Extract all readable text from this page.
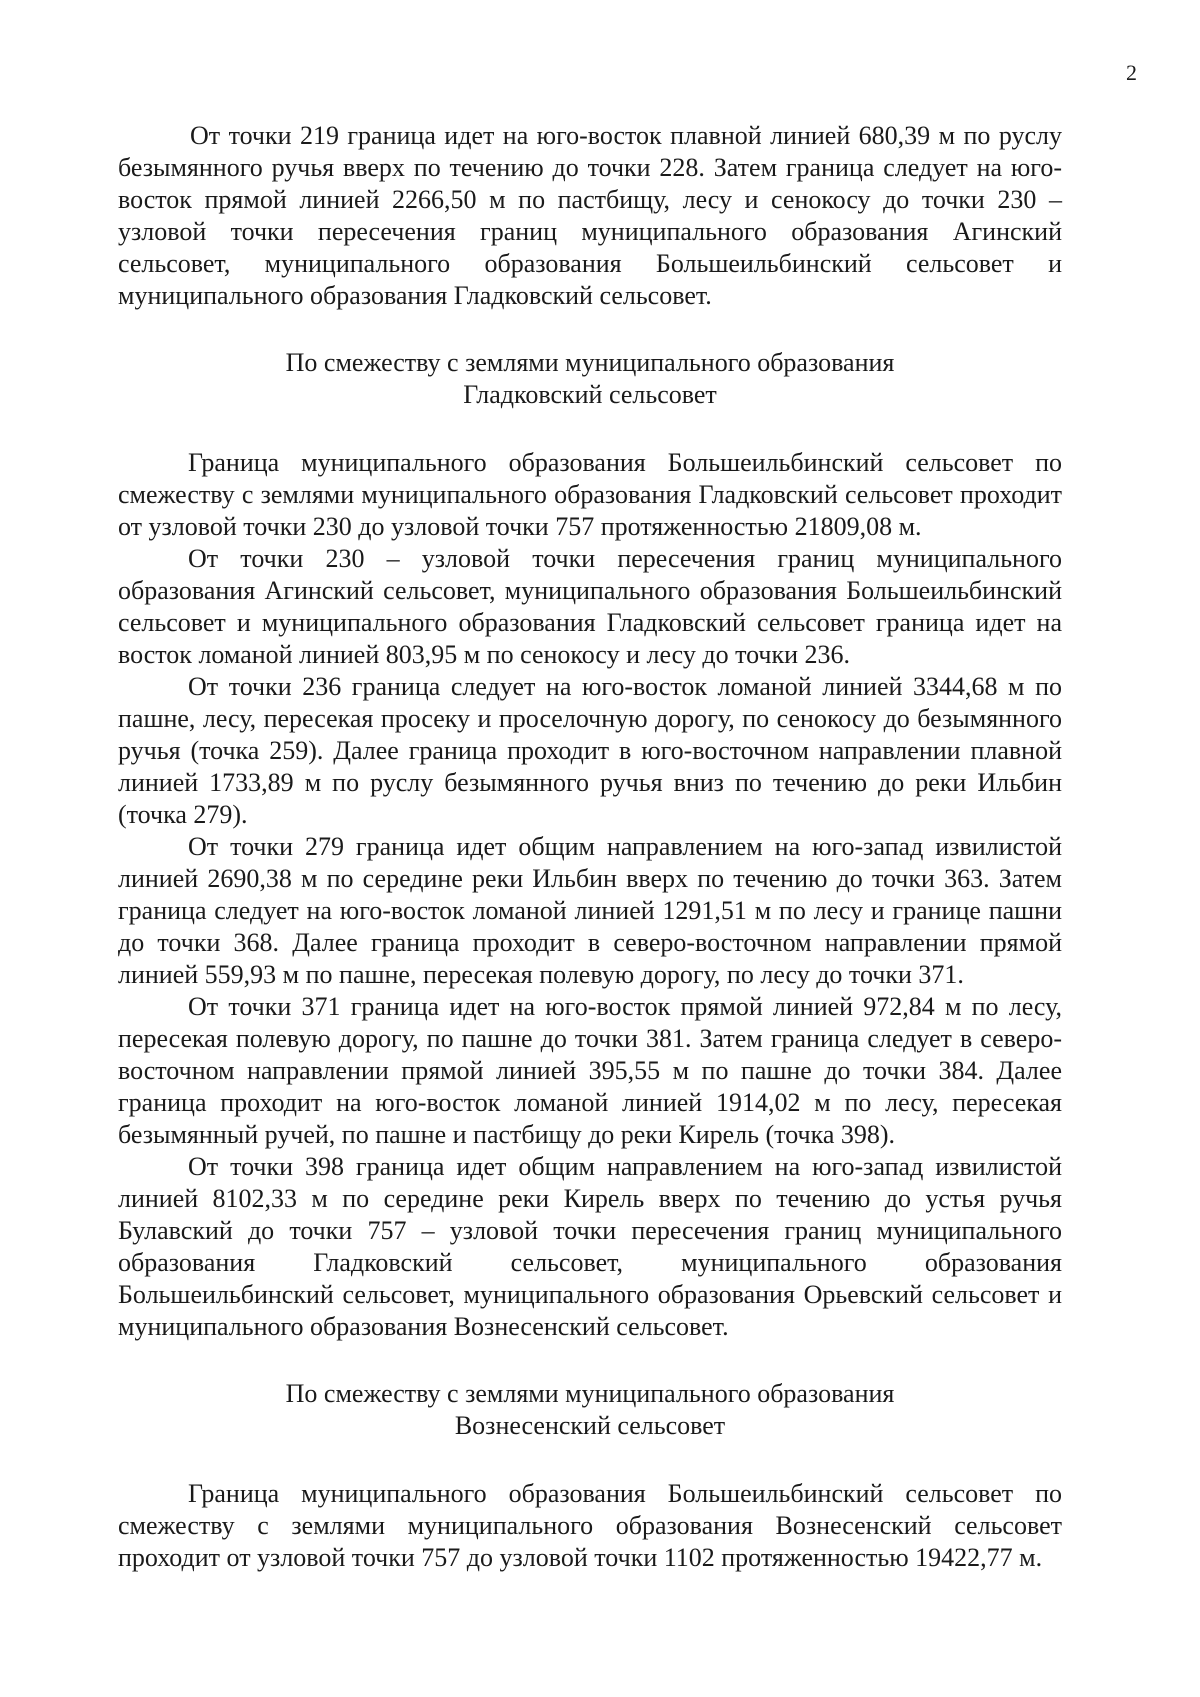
2

От точки 219 граница идет на юго-восток плавной линией 680,39 м по руслу безымянного ручья вверх по течению до точки 228. Затем граница следует на юго-восток прямой линией 2266,50 м по пастбищу, лесу и сенокосу до точки 230 – узловой точки пересечения границ муниципального образования Агинский сельсовет, муниципального образования Большеильбинский сельсовет и муниципального образования Гладковский сельсовет.

По смежеству с землями муниципального образования

Гладковский сельсовет

Граница муниципального образования Большеильбинский сельсовет по смежеству с землями муниципального образования Гладковский сельсовет проходит от узловой точки 230 до узловой точки 757 протяженностью 21809,08 м.

От точки 230 – узловой точки пересечения границ муниципального образования Агинский сельсовет, муниципального образования Большеильбинский сельсовет и муниципального образования Гладковский сельсовет граница идет на восток ломаной линией 803,95 м по сенокосу и лесу до точки 236.

От точки 236 граница следует на юго-восток ломаной линией 3344,68 м по пашне, лесу, пересекая просеку и проселочную дорогу, по сенокосу до безымянного ручья (точка 259). Далее граница проходит в юго-восточном направлении плавной линией 1733,89 м по руслу безымянного ручья вниз по течению до реки Ильбин (точка 279).

От точки 279 граница идет общим направлением на юго-запад извилистой линией 2690,38 м по середине реки Ильбин вверх по течению до точки 363. Затем граница следует на юго-восток ломаной линией 1291,51 м по лесу и границе пашни до точки 368. Далее граница проходит в северо-восточном направлении прямой линией 559,93 м по пашне, пересекая полевую дорогу, по лесу до точки 371.

От точки 371 граница идет на юго-восток прямой линией 972,84 м по лесу, пересекая полевую дорогу, по пашне до точки 381. Затем граница следует в северо-восточном направлении прямой линией 395,55 м по пашне до точки 384. Далее граница проходит на юго-восток ломаной линией 1914,02 м по лесу, пересекая безымянный ручей, по пашне и пастбищу до реки Кирель (точка 398).

От точки 398 граница идет общим направлением на юго-запад извилистой линией 8102,33 м по середине реки Кирель вверх по течению до устья ручья Булавский до точки 757 – узловой точки пересечения границ муниципального образования Гладковский сельсовет, муниципального образования Большеильбинский сельсовет, муниципального образования Орьевский сельсовет и муниципального образования Вознесенский сельсовет.

По смежеству с землями муниципального образования

Вознесенский сельсовет

Граница муниципального образования Большеильбинский сельсовет по смежеству с землями муниципального образования Вознесенский сельсовет проходит от узловой точки 757 до узловой точки 1102 протяженностью 19422,77 м.
